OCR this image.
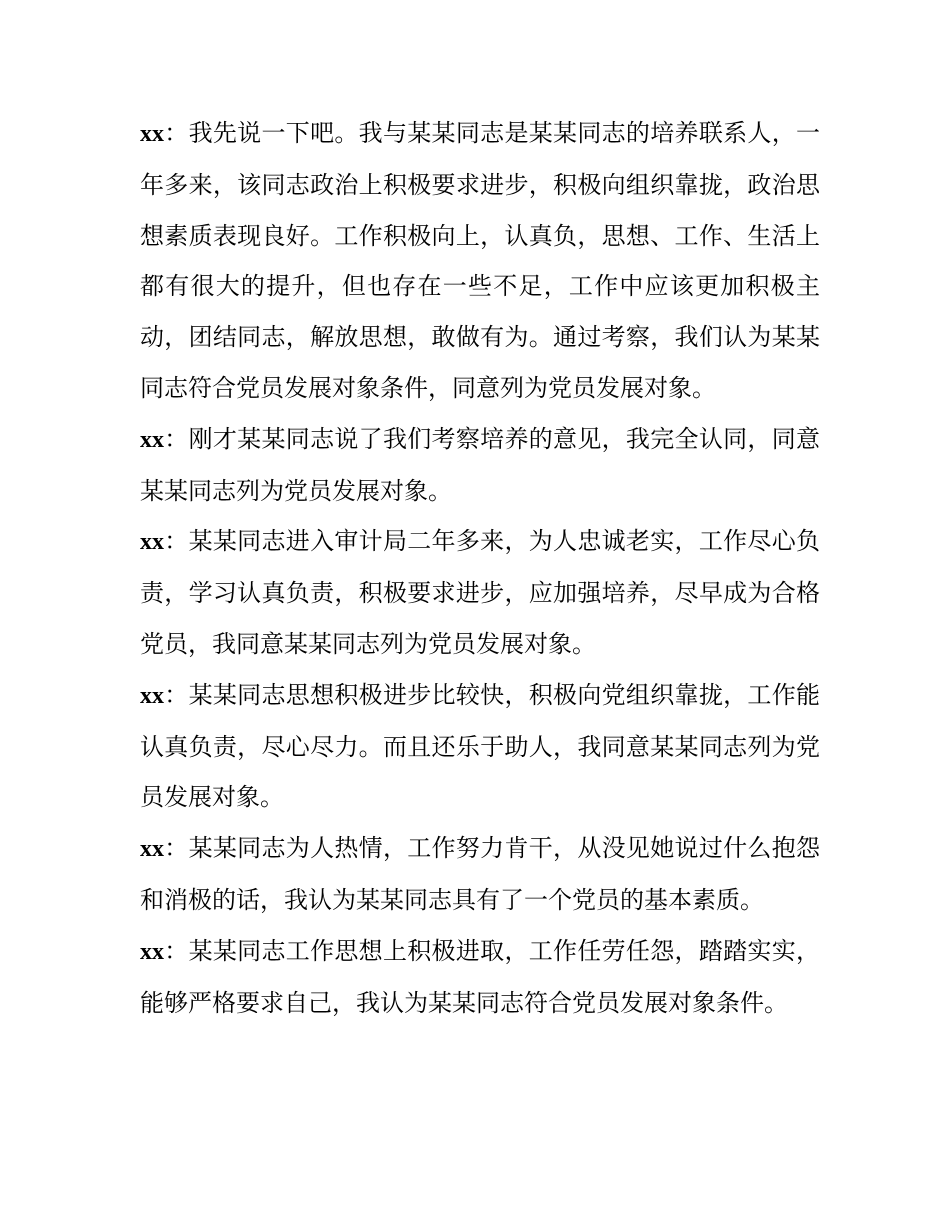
xx：我先说一下吧。我与某某同志是某某同志的培养联系人，一年多来，该同志政治上积极要求进步，积极向组织靠拢，政治思想素质表现良好。工作积极向上，认真负，思想、工作、生活上都有很大的提升，但也存在一些不足，工作中应该更加积极主动，团结同志，解放思想，敢做有为。通过考察，我们认为某某同志符合党员发展对象条件，同意列为党员发展对象。

xx：刚才某某同志说了我们考察培养的意见，我完全认同，同意某某同志列为党员发展对象。

xx：某某同志进入审计局二年多来，为人忠诚老实，工作尽心负责，学习认真负责，积极要求进步，应加强培养，尽早成为合格党员，我同意某某同志列为党员发展对象。

xx：某某同志思想积极进步比较快，积极向党组织靠拢，工作能认真负责，尽心尽力。而且还乐于助人，我同意某某同志列为党员发展对象。

xx：某某同志为人热情，工作努力肯干，从没见她说过什么抱怨和消极的话，我认为某某同志具有了一个党员的基本素质。

xx：某某同志工作思想上积极进取，工作任劳任怨，踏踏实实，能够严格要求自己，我认为某某同志符合党员发展对象条件。
